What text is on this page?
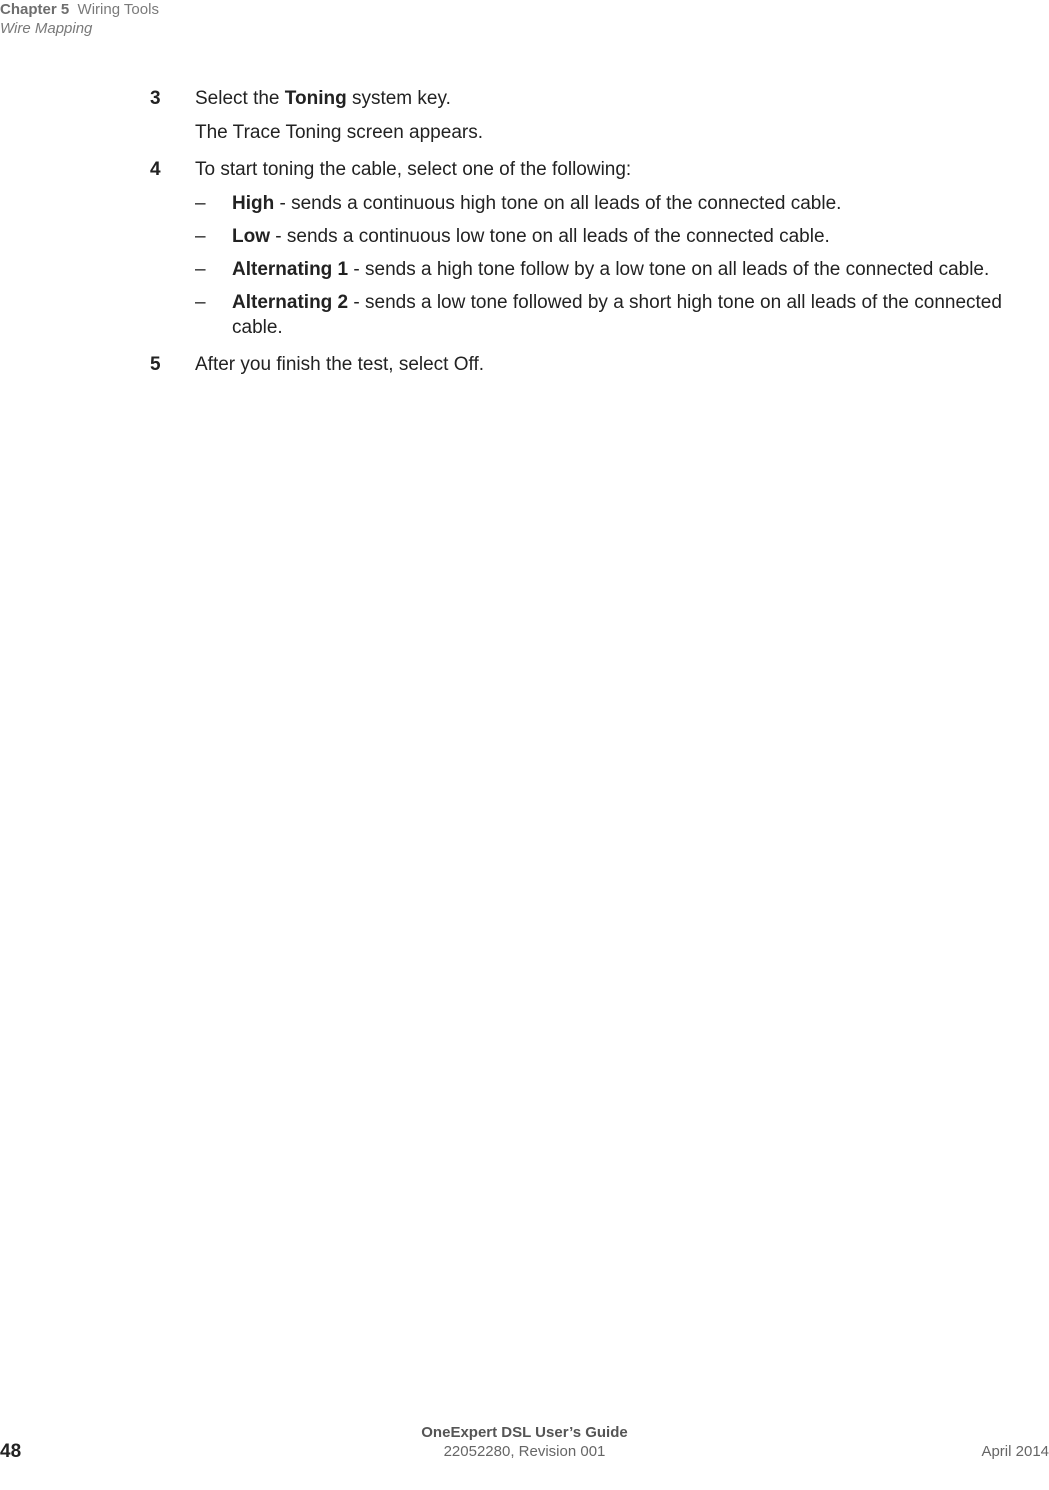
Chapter 5 Wiring Tools
Wire Mapping
3 Select the Toning system key.

The Trace Toning screen appears.

4 To start toning the cable, select one of the following:

– High - sends a continuous high tone on all leads of the connected cable.
– Low - sends a continuous low tone on all leads of the connected cable.
– Alternating 1 - sends a high tone follow by a low tone on all leads of the connected cable.
– Alternating 2 - sends a low tone followed by a short high tone on all leads of the connected cable.
5 After you finish the test, select Off.

OneExpert DSL User’s Guide
48	22052280, Revision 001	April 2014
